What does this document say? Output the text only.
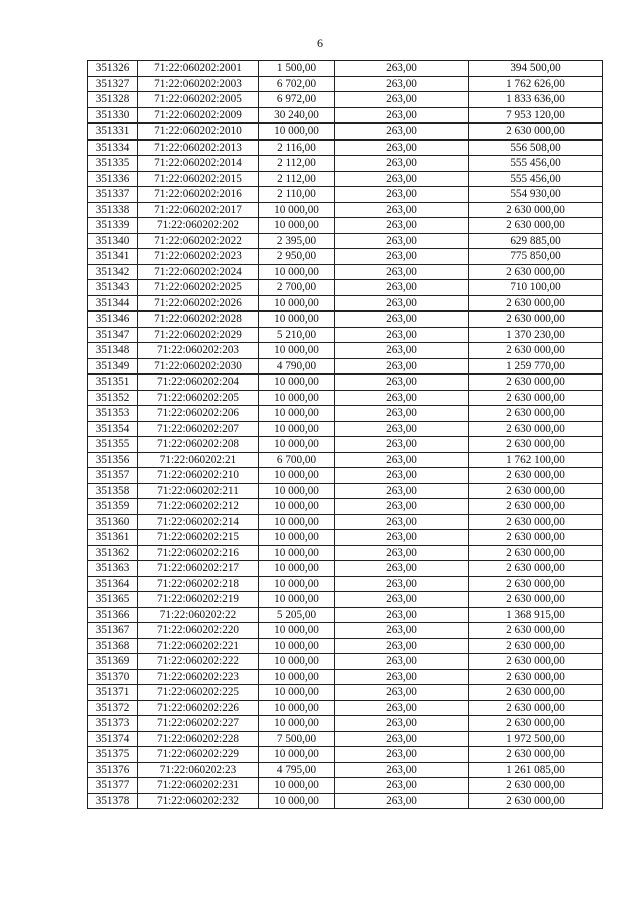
6
351326	71:22:060202:2001	1 500,00	263,00	394 500,00
351327	71:22:060202:2003	6 702,00	263,00	1 762 626,00
351328	71:22:060202:2005	6 972,00	263,00	1 833 636,00
351330	71:22:060202:2009	30 240,00	263,00	7 953 120,00
351331	71:22:060202:2010	10 000,00	263,00	2 630 000,00
351334	71:22:060202:2013	2 116,00	263,00	556 508,00
351335	71:22:060202:2014	2 112,00	263,00	555 456,00
351336	71:22:060202:2015	2 112,00	263,00	555 456,00
351337	71:22:060202:2016	2 110,00	263,00	554 930,00
351338	71:22:060202:2017	10 000,00	263,00	2 630 000,00
351339	71:22:060202:202	10 000,00	263,00	2 630 000,00
351340	71:22:060202:2022	2 395,00	263,00	629 885,00
351341	71:22:060202:2023	2 950,00	263,00	775 850,00
351342	71:22:060202:2024	10 000,00	263,00	2 630 000,00
351343	71:22:060202:2025	2 700,00	263,00	710 100,00
351344	71:22:060202:2026	10 000,00	263,00	2 630 000,00
351346	71:22:060202:2028	10 000,00	263,00	2 630 000,00
351347	71:22:060202:2029	5 210,00	263,00	1 370 230,00
351348	71:22:060202:203	10 000,00	263,00	2 630 000,00
351349	71:22:060202:2030	4 790,00	263,00	1 259 770,00
351351	71:22:060202:204	10 000,00	263,00	2 630 000,00
351352	71:22:060202:205	10 000,00	263,00	2 630 000,00
351353	71:22:060202:206	10 000,00	263,00	2 630 000,00
351354	71:22:060202:207	10 000,00	263,00	2 630 000,00
351355	71:22:060202:208	10 000,00	263,00	2 630 000,00
351356	71:22:060202:21	6 700,00	263,00	1 762 100,00
351357	71:22:060202:210	10 000,00	263,00	2 630 000,00
351358	71:22:060202:211	10 000,00	263,00	2 630 000,00
351359	71:22:060202:212	10 000,00	263,00	2 630 000,00
351360	71:22:060202:214	10 000,00	263,00	2 630 000,00
351361	71:22:060202:215	10 000,00	263,00	2 630 000,00
351362	71:22:060202:216	10 000,00	263,00	2 630 000,00
351363	71:22:060202:217	10 000,00	263,00	2 630 000,00
351364	71:22:060202:218	10 000,00	263,00	2 630 000,00
351365	71:22:060202:219	10 000,00	263,00	2 630 000,00
351366	71:22:060202:22	5 205,00	263,00	1 368 915,00
351367	71:22:060202:220	10 000,00	263,00	2 630 000,00
351368	71:22:060202:221	10 000,00	263,00	2 630 000,00
351369	71:22:060202:222	10 000,00	263,00	2 630 000,00
351370	71:22:060202:223	10 000,00	263,00	2 630 000,00
351371	71:22:060202:225	10 000,00	263,00	2 630 000,00
351372	71:22:060202:226	10 000,00	263,00	2 630 000,00
351373	71:22:060202:227	10 000,00	263,00	2 630 000,00
351374	71:22:060202:228	7 500,00	263,00	1 972 500,00
351375	71:22:060202:229	10 000,00	263,00	2 630 000,00
351376	71:22:060202:23	4 795,00	263,00	1 261 085,00
351377	71:22:060202:231	10 000,00	263,00	2 630 000,00
351378	71:22:060202:232	10 000,00	263,00	2 630 000,00
